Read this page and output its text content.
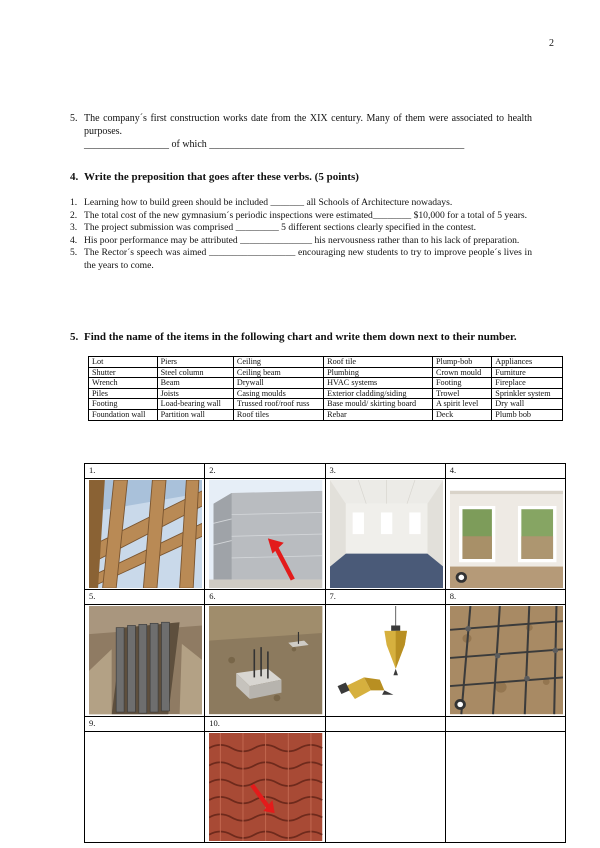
2
5. The company´s first construction works date from the XIX century. Many of them were associated to health purposes.
_________________ of which ___________________________________________________
4. Write the preposition that goes after these verbs. (5 points)
1. Learning how to build green should be included _______ all Schools of Architecture nowadays.
2. The total cost of the new gymnasium´s periodic inspections were estimated________ $10,000 for a total of 5 years.
3. The project submission was comprised _________ 5 different sections clearly specified in the contest.
4. His poor performance may be attributed _______________ his nervousness rather than to his lack of preparation.
5. The Rector´s speech was aimed __________________ encouraging new students to try to improve people´s lives in the years to come.
5. Find the name of the items in the following chart and write them down next to their number.
Lot	Piers	Ceiling	Roof tile	Plump-bob	Appliances
Shutter	Steel column	Ceiling beam	Plumbing	Crown mould	Furniture
Wrench	Beam	Drywall	HVAC systems	Footing	Fireplace
Piles	Joists	Casing moulds	Exterior cladding/siding	Trowel	Sprinkler system
Footing	Load-bearing wall	Trussed roof/roof russ	Base mould/ skirting board	A spirit level	Dry wall
Foundation wall	Partition wall	Roof tiles	Rebar	Deck	Plumb bob
1.	2.	3.	4.

5.	6.	7.	8.

9.	10.		
